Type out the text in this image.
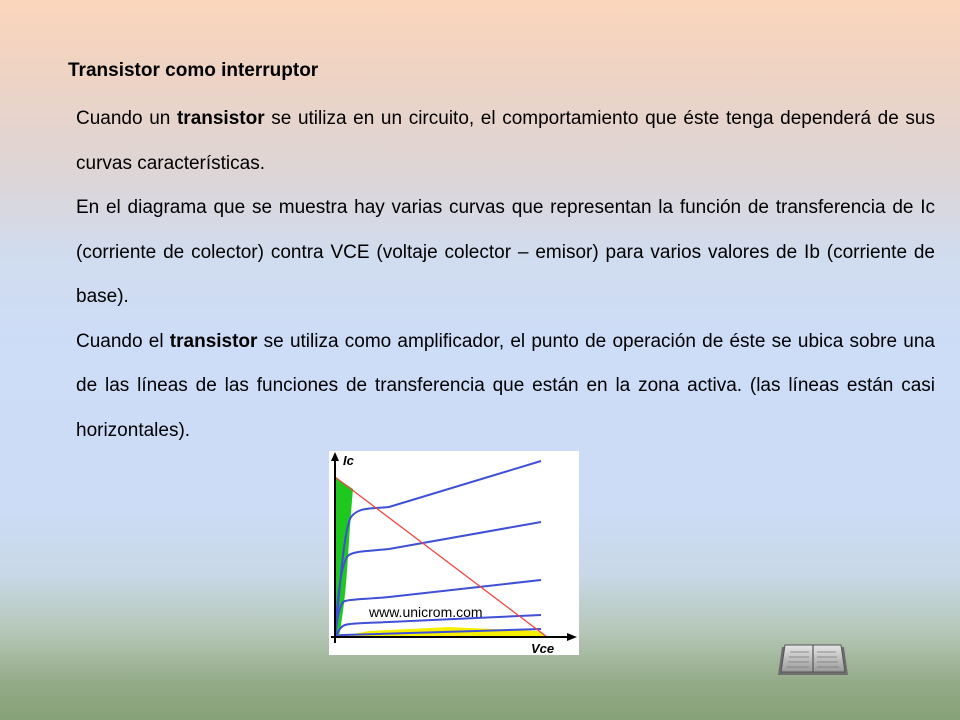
Transistor como interruptor

Cuando un transistor se utiliza en un circuito, el comportamiento que éste tenga dependerá de sus curvas características.

En el diagrama que se muestra hay varias curvas que representan la función de transferencia de Ic (corriente de colector) contra VCE (voltaje colector – emisor) para varios valores de Ib (corriente de base).

Cuando el transistor se utiliza como amplificador, el punto de operación de éste se ubica sobre una de las líneas de las funciones de transferencia que están en la zona activa. (las líneas están casi horizontales).

Ic
Vce
www.unicrom.com
